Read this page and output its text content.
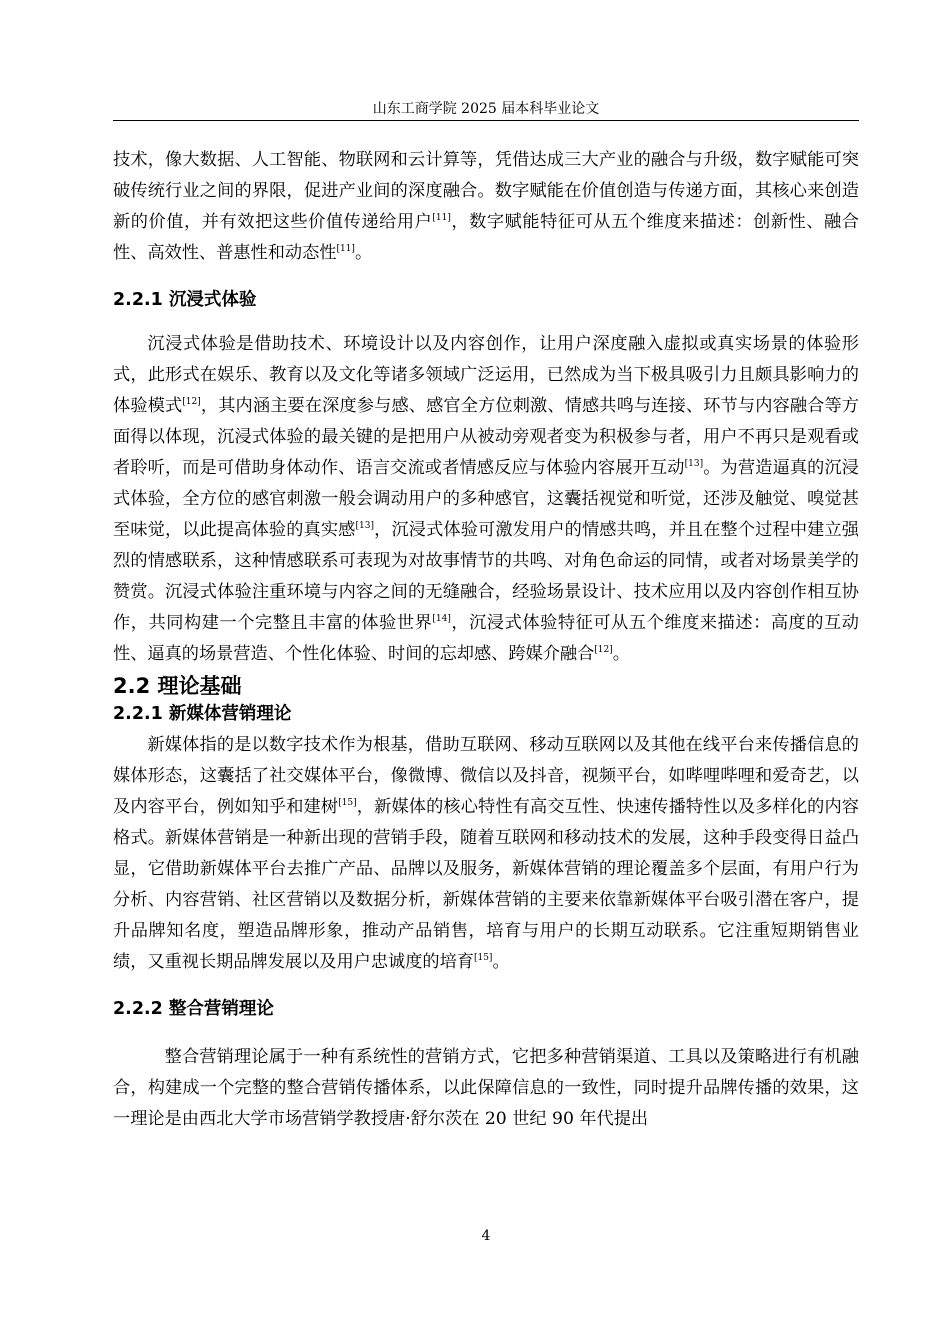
山东工商学院 2025 届本科毕业论文

技术，像大数据、人工智能、物联网和云计算等，凭借达成三大产业的融合与升级，数字赋能可突破传统行业之间的界限，促进产业间的深度融合。数字赋能在价值创造与传递方面，其核心来创造新的价值，并有效把这些价值传递给用户[11]，数字赋能特征可从五个维度来描述：创新性、融合性、高效性、普惠性和动态性[11]。

2.2.1 沉浸式体验

沉浸式体验是借助技术、环境设计以及内容创作，让用户深度融入虚拟或真实场景的体验形式，此形式在娱乐、教育以及文化等诸多领域广泛运用，已然成为当下极具吸引力且颇具影响力的体验模式[12]，其内涵主要在深度参与感、感官全方位刺激、情感共鸣与连接、环节与内容融合等方面得以体现，沉浸式体验的最关键的是把用户从被动旁观者变为积极参与者，用户不再只是观看或者聆听，而是可借助身体动作、语言交流或者情感反应与体验内容展开互动[13]。为营造逼真的沉浸式体验，全方位的感官刺激一般会调动用户的多种感官，这囊括视觉和听觉，还涉及触觉、嗅觉甚至味觉，以此提高体验的真实感[13]，沉浸式体验可激发用户的情感共鸣，并且在整个过程中建立强烈的情感联系，这种情感联系可表现为对故事情节的共鸣、对角色命运的同情，或者对场景美学的赞赏。沉浸式体验注重环境与内容之间的无缝融合，经验场景设计、技术应用以及内容创作相互协作，共同构建一个完整且丰富的体验世界[14]，沉浸式体验特征可从五个维度来描述：高度的互动性、逼真的场景营造、个性化体验、时间的忘却感、跨媒介融合[12]。

2.2 理论基础
2.2.1 新媒体营销理论

新媒体指的是以数字技术作为根基，借助互联网、移动互联网以及其他在线平台来传播信息的媒体形态，这囊括了社交媒体平台，像微博、微信以及抖音，视频平台，如哔哩哔哩和爱奇艺，以及内容平台，例如知乎和建树[15]，新媒体的核心特性有高交互性、快速传播特性以及多样化的内容格式。新媒体营销是一种新出现的营销手段，随着互联网和移动技术的发展，这种手段变得日益凸显，它借助新媒体平台去推广产品、品牌以及服务，新媒体营销的理论覆盖多个层面，有用户行为分析、内容营销、社区营销以及数据分析，新媒体营销的主要来依靠新媒体平台吸引潜在客户，提升品牌知名度，塑造品牌形象，推动产品销售，培育与用户的长期互动联系。它注重短期销售业绩，又重视长期品牌发展以及用户忠诚度的培育[15]。

2.2.2 整合营销理论

整合营销理论属于一种有系统性的营销方式，它把多种营销渠道、工具以及策略进行有机融合，构建成一个完整的整合营销传播体系，以此保障信息的一致性，同时提升品牌传播的效果，这一理论是由西北大学市场营销学教授唐·舒尔茨在 20 世纪 90 年代提出

4
